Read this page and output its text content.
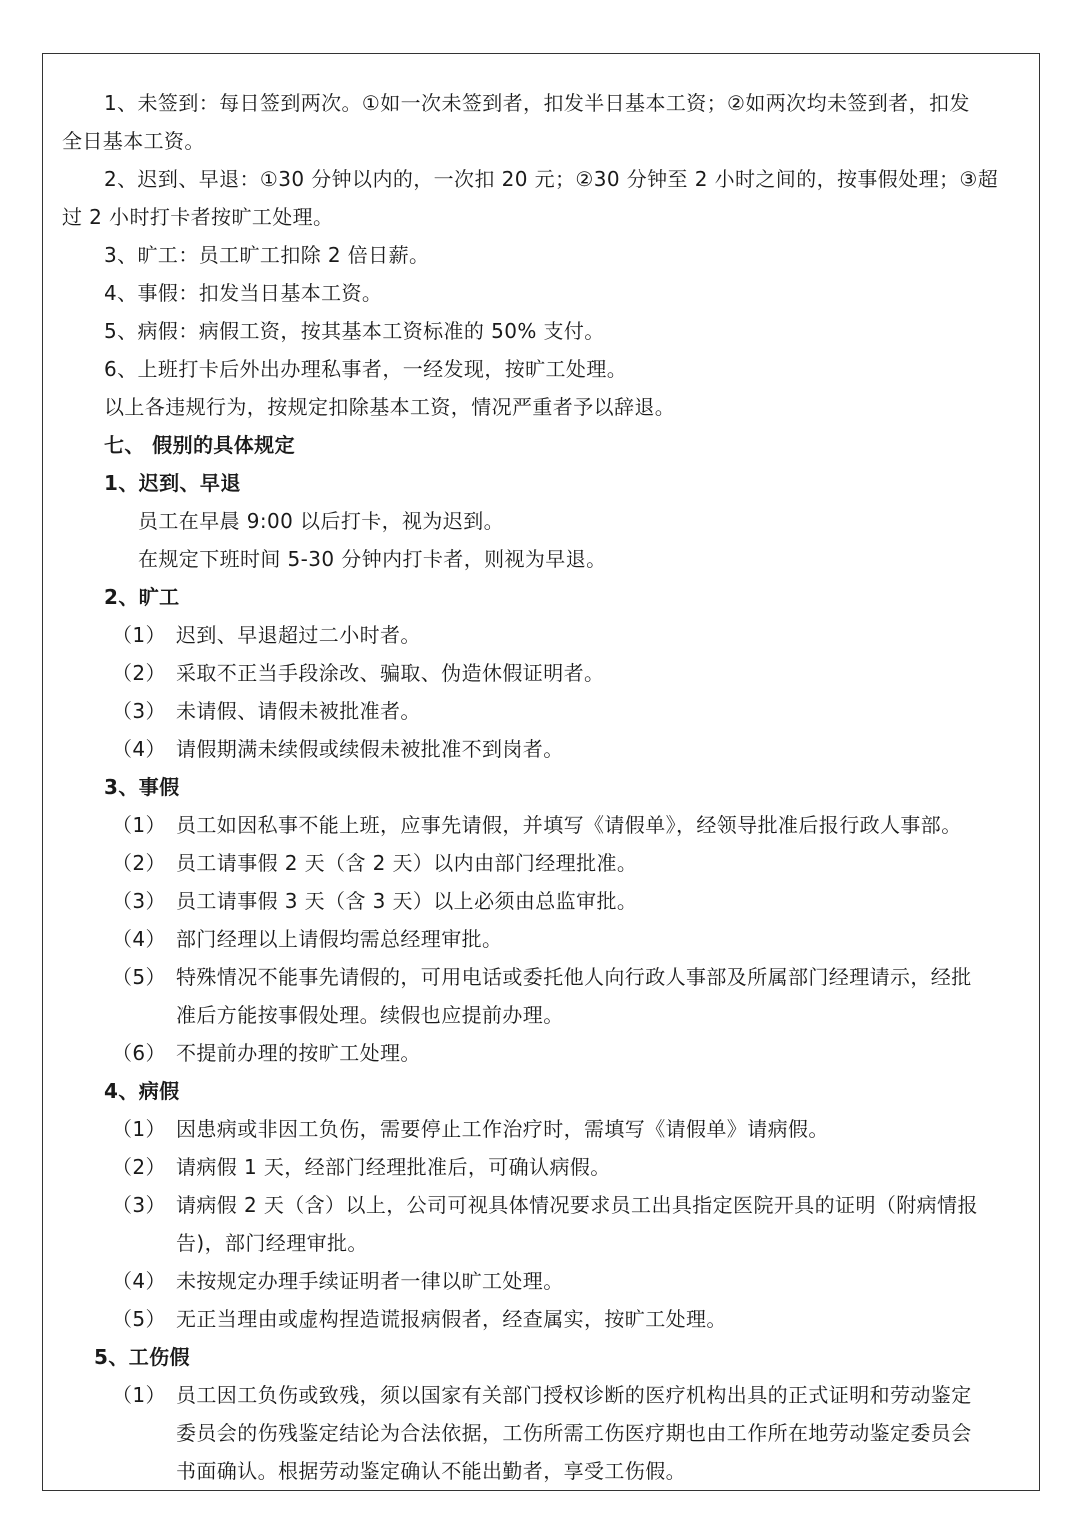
1、未签到：每日签到两次。①如一次未签到者，扣发半日基本工资；②如两次均未签到者，扣发
全日基本工资。
2、迟到、早退：①30 分钟以内的，一次扣 20 元；②30 分钟至 2 小时之间的，按事假处理；③超
过 2 小时打卡者按旷工处理。
3、旷工：员工旷工扣除 2 倍日薪。
4、事假：扣发当日基本工资。
5、病假：病假工资，按其基本工资标准的 50% 支付。
6、上班打卡后外出办理私事者，一经发现，按旷工处理。
以上各违规行为，按规定扣除基本工资，情况严重者予以辞退。
七、 假别的具体规定
1、迟到、早退
员工在早晨 9:00 以后打卡，视为迟到。
在规定下班时间 5-30 分钟内打卡者，则视为早退。
2、旷工
（1） 迟到、早退超过二小时者。
（2） 采取不正当手段涂改、骗取、伪造休假证明者。
（3） 未请假、请假未被批准者。
（4） 请假期满未续假或续假未被批准不到岗者。
3、事假
（1） 员工如因私事不能上班，应事先请假，并填写《请假单》，经领导批准后报行政人事部。
（2） 员工请事假 2 天（含 2 天）以内由部门经理批准。
（3） 员工请事假 3 天（含 3 天）以上必须由总监审批。
（4） 部门经理以上请假均需总经理审批。
（5） 特殊情况不能事先请假的，可用电话或委托他人向行政人事部及所属部门经理请示，经批
准后方能按事假处理。续假也应提前办理。
（6） 不提前办理的按旷工处理。
4、病假
（1） 因患病或非因工负伤，需要停止工作治疗时，需填写《请假单》请病假。
（2） 请病假 1 天，经部门经理批准后，可确认病假。
（3） 请病假 2 天（含）以上，公司可视具体情况要求员工出具指定医院开具的证明（附病情报
告)，部门经理审批。
（4） 未按规定办理手续证明者一律以旷工处理。
（5） 无正当理由或虚构捏造谎报病假者，经查属实，按旷工处理。
5、工伤假
（1） 员工因工负伤或致残，须以国家有关部门授权诊断的医疗机构出具的正式证明和劳动鉴定
委员会的伤残鉴定结论为合法依据，工伤所需工伤医疗期也由工作所在地劳动鉴定委员会
书面确认。根据劳动鉴定确认不能出勤者，享受工伤假。
